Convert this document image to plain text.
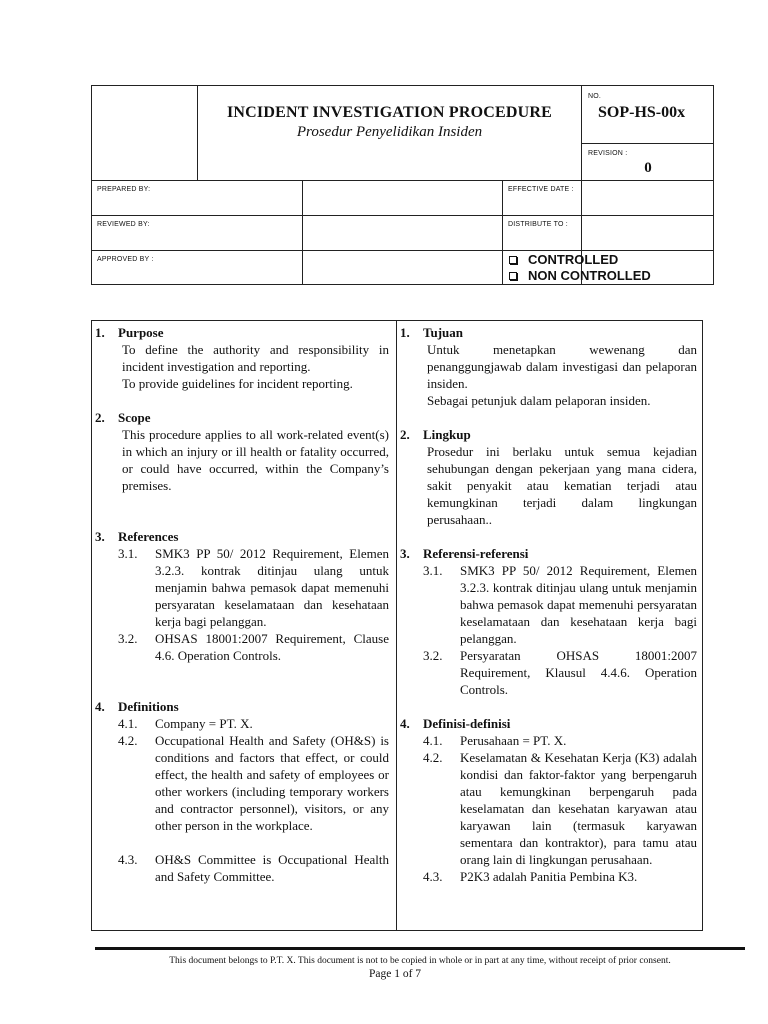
INCIDENT INVESTIGATION PROCEDURE
Prosedur Penyelidikan Insiden
NO.
SOP-HS-00x
REVISION :
0
PREPARED BY:
REVIEWED BY:
APPROVED BY :
EFFECTIVE DATE :
DISTRIBUTE TO :
CONTROLLED
NON CONTROLLED
1.	Purpose
To define the authority and responsibility in incident investigation and reporting.
To provide guidelines for incident reporting.
2.	Scope
This procedure applies to all work-related event(s) in which an injury or ill health or fatality occurred, or could have occurred, within the Company’s premises.
3.	References
3.1.	SMK3 PP 50/ 2012 Requirement, Elemen 3.2.3. kontrak ditinjau ulang untuk menjamin bahwa pemasok dapat memenuhi persyaratan keselamataan dan kesehataan kerja bagi pelanggan.
3.2.	OHSAS 18001:2007 Requirement, Clause 4.6. Operation Controls.
4.	Definitions
4.1.	Company = PT. X.
4.2.	Occupational Health and Safety (OH&S) is conditions and factors that effect, or could effect, the health and safety of employees or other workers (including temporary workers and contractor personnel), visitors, or any other person in the workplace.
4.3.	OH&S Committee is Occupational Health and Safety Committee.
1.	Tujuan
Untuk menetapkan wewenang dan penanggungjawab dalam investigasi dan pelaporan insiden.
Sebagai petunjuk dalam pelaporan insiden.
2.	Lingkup
Prosedur ini berlaku untuk semua kejadian sehubungan dengan pekerjaan yang mana cidera, sakit penyakit atau kematian terjadi atau kemungkinan terjadi dalam lingkungan perusahaan..
3.	Referensi-referensi
3.1.	SMK3 PP 50/ 2012 Requirement, Elemen 3.2.3. kontrak ditinjau ulang untuk menjamin bahwa pemasok dapat memenuhi persyaratan keselamataan dan kesehataan kerja bagi pelanggan.
3.2.	Persyaratan OHSAS 18001:2007 Requirement, Klausul 4.4.6. Operation Controls.
4.	Definisi-definisi
4.1.	Perusahaan = PT. X.
4.2.	Keselamatan & Kesehatan Kerja (K3) adalah kondisi dan faktor-faktor yang berpengaruh atau kemungkinan berpengaruh pada keselamatan dan kesehatan karyawan atau karyawan lain (termasuk karyawan sementara dan kontraktor), para tamu atau orang lain di lingkungan perusahaan.
4.3.	P2K3 adalah Panitia Pembina K3.
This document belongs to P.T. X. This document is not to be copied in whole or in part at any time, without receipt of prior consent.
Page 1 of 7
